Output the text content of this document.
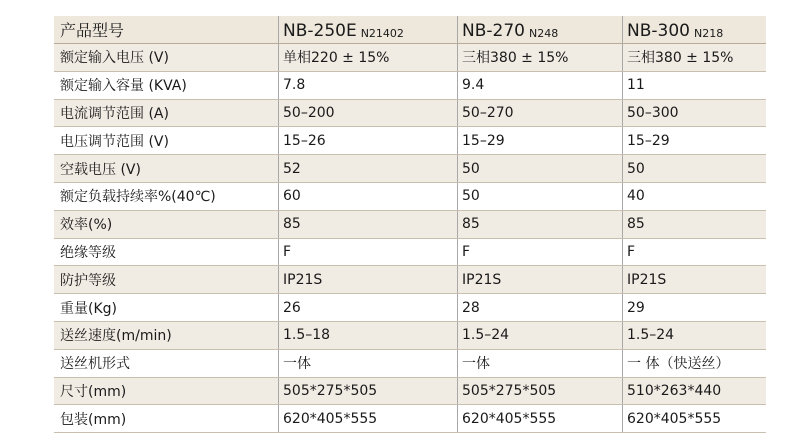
产品型号	NB-250E N21402	NB-270 N248	NB-300 N218
额定输入电压 (V)	单相220 ± 15%	三相380 ± 15%	三相380 ± 15%
额定输入容量 (KVA)	7.8	9.4	11
电流调节范围 (A)	50–200	50–270	50–300
电压调节范围 (V)	15–26	15–29	15–29
空载电压 (V)	52	50	50
额定负载持续率%(40℃)	60	50	40
效率(%)	85	85	85
绝缘等级	F	F	F
防护等级	IP21S	IP21S	IP21S
重量(Kg)	26	28	29
送丝速度(m/min)	1.5–18	1.5–24	1.5–24
送丝机形式	一体	一体	一 体（快送丝）
尺寸(mm)	505*275*505	505*275*505	510*263*440
包装(mm)	620*405*555	620*405*555	620*405*555
